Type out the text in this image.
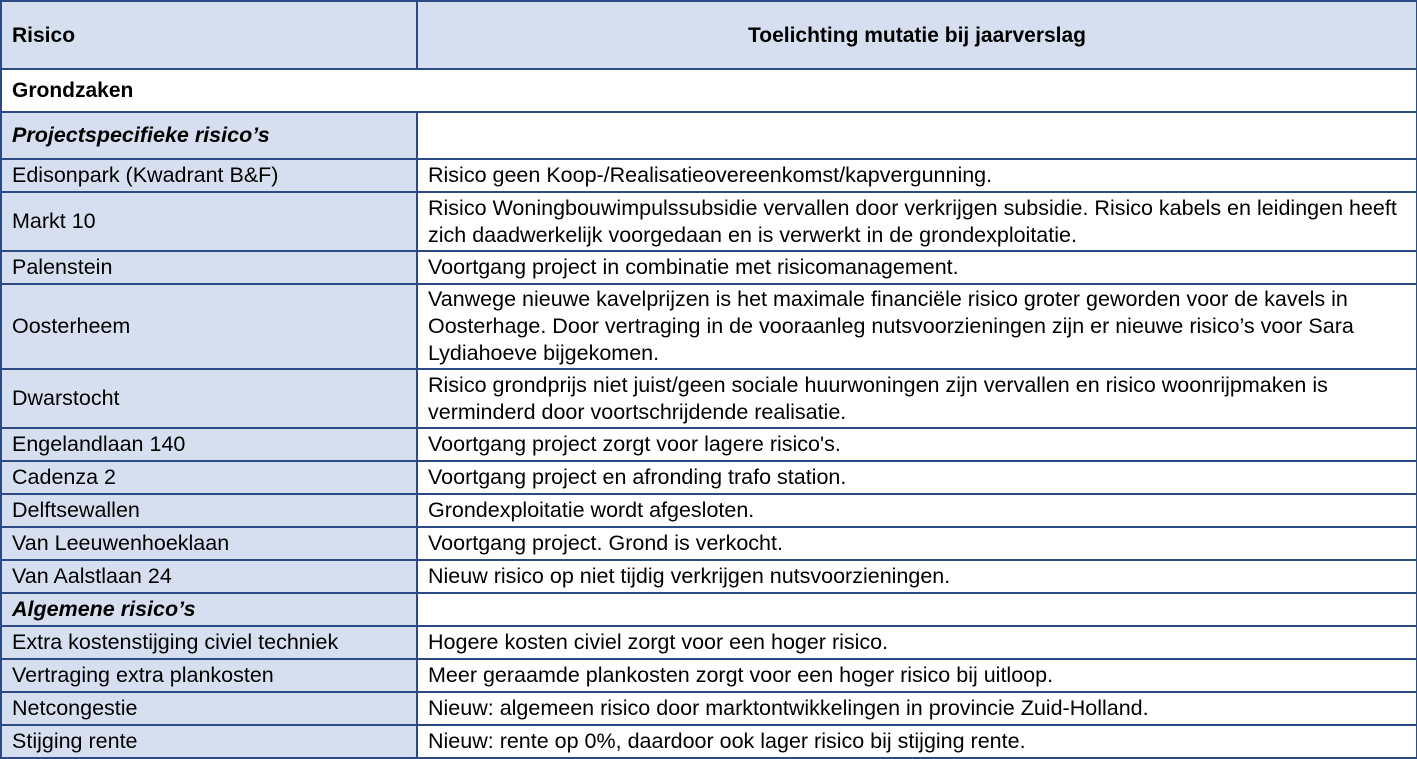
Risico	Toelichting mutatie bij jaarverslag
Grondzaken	
Projectspecifieke risico’s	
Edisonpark (Kwadrant B&F)	Risico geen Koop-/Realisatieovereenkomst/kapvergunning.
Markt 10	Risico Woningbouwimpulssubsidie vervallen door verkrijgen subsidie. Risico kabels en leidingen heeft zich daadwerkelijk voorgedaan en is verwerkt in de grondexploitatie.
Palenstein	Voortgang project in combinatie met risicomanagement.
Oosterheem	Vanwege nieuwe kavelprijzen is het maximale financiële risico groter geworden voor de kavels in Oosterhage. Door vertraging in de vooraanleg nutsvoorzieningen zijn er nieuwe risico’s voor Sara Lydiahoeve bijgekomen.
Dwarstocht	Risico grondprijs niet juist/geen sociale huurwoningen zijn vervallen en risico woonrijpmaken is verminderd door voortschrijdende realisatie.
Engelandlaan 140	Voortgang project zorgt voor lagere risico's.
Cadenza 2	Voortgang project en afronding trafo station.
Delftsewallen	Grondexploitatie wordt afgesloten.
Van Leeuwenhoeklaan	Voortgang project. Grond is verkocht.
Van Aalstlaan 24	Nieuw risico op niet tijdig verkrijgen nutsvoorzieningen.
Algemene risico’s	
Extra kostenstijging civiel techniek	Hogere kosten civiel zorgt voor een hoger risico.
Vertraging extra plankosten	Meer geraamde plankosten zorgt voor een hoger risico bij uitloop.
Netcongestie	Nieuw: algemeen risico door marktontwikkelingen in provincie Zuid-Holland.
Stijging rente	Nieuw: rente op 0%, daardoor ook lager risico bij stijging rente.
